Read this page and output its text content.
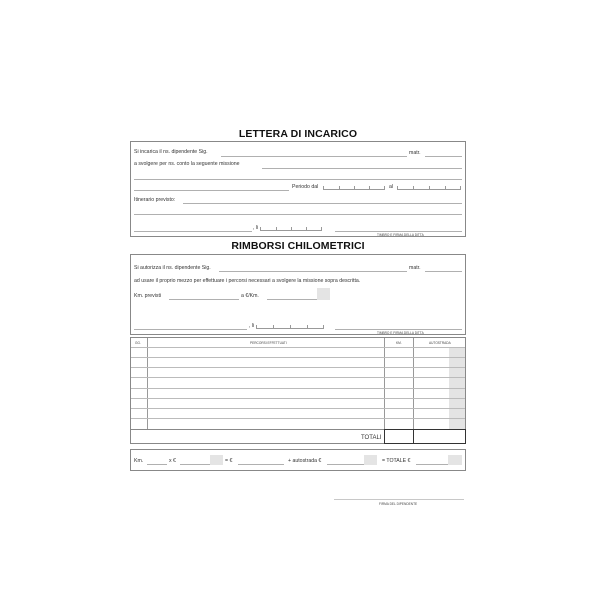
LETTERA DI INCARICO
Si incarica il ns. dipendente Sig.	matr.
a svolgere per ns. conto la seguente missione
Periodo dal	al
Itinerario previsto:
, li
TIMBRO E FIRMA DELLA DITTA
RIMBORSI CHILOMETRICI
Si autorizza il ns. dipendente Sig.	matr.
ad usare il proprio mezzo per effettuare i percorsi necessari a svolgere la missione sopra descritta.
Km. previsti	a €/Km.
, li
TIMBRO E FIRMA DELLA DITTA
GG.	PERCORSI EFFETTUATI	KM.	AUTOSTRADA
TOTALI
Km.	x €	= €	+ autostrada €	= TOTALE €
FIRMA DEL DIPENDENTE
